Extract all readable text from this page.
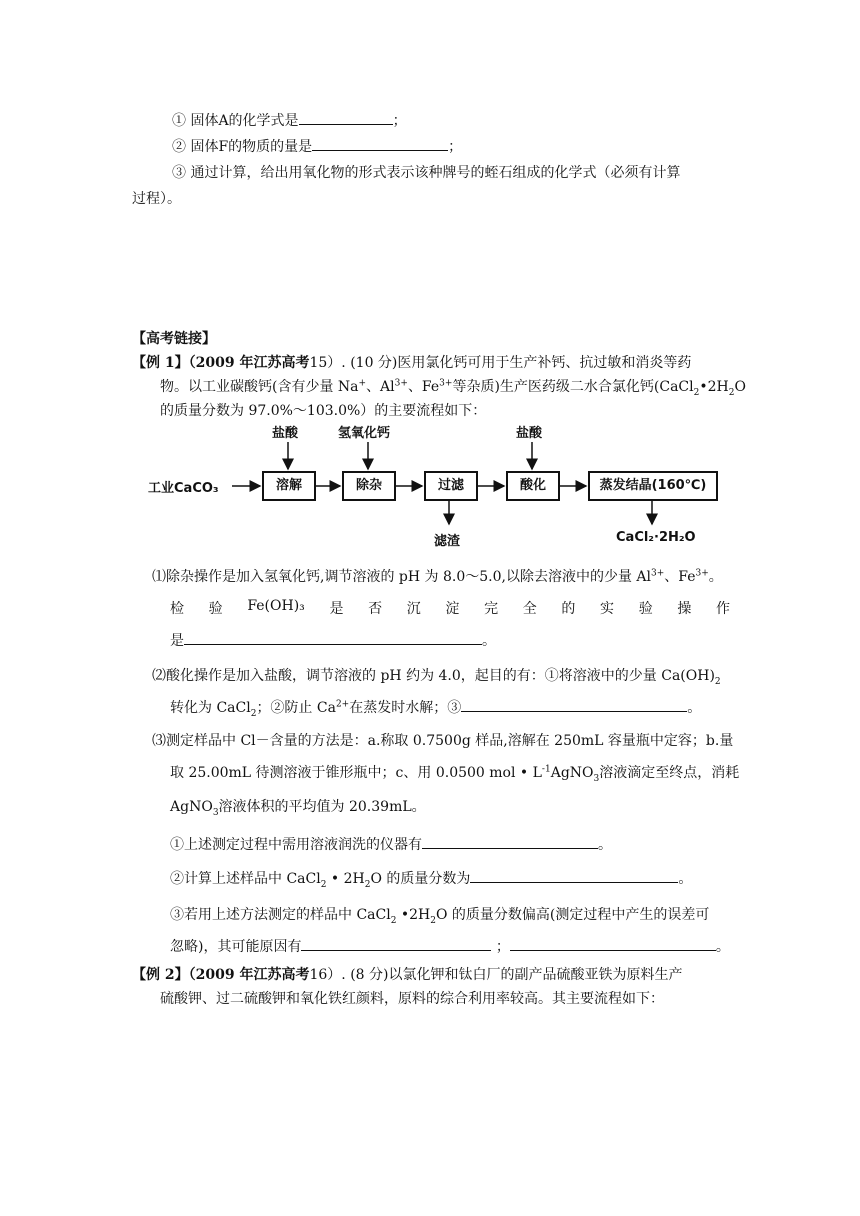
① 固体A的化学式是	；
② 固体F的物质的量是	；
③ 通过计算，给出用氧化物的形式表示该种牌号的蛭石组成的化学式（必须有计算
过程）。
【高考链接】
【例 1】（2009 年江苏高考15）. (10 分)医用氯化钙可用于生产补钙、抗过敏和消炎等药
物。以工业碳酸钙(含有少量 Na+、$Al^{3+}$、$Fe^{3+}$等杂质)生产医药级二水合氯化钙($CaCl_2•2H_2O$
的质量分数为 97.0%～103.0%）的主要流程如下：
工业CaCO₃	溶解	除杂	过滤	酸化	蒸发结晶(160℃)
盐酸	氢氧化钙	盐酸
滤渣	CaCl₂·2H₂O
⑴除杂操作是加入氢氧化钙,调节溶液的 pH 为 8.0～5.0,以除去溶液中的少量 $Al^{3+}$、$Fe^{3+}$。
检 验 Fe(OH)₃ 是 否 沉 淀 完 全 的 实 验 操 作
是	。
⑵酸化操作是加入盐酸，调节溶液的 pH 约为 4.0，起目的有：①将溶液中的少量 $Ca(OH)_2$
转化为 CaCl$_2$；②防止 $Ca^{2+}$在蒸发时水解；③	。
⑶测定样品中 Cl－含量的方法是：a.称取 0.7500g 样品,溶解在 250mL 容量瓶中定容；b.量
取 25.00mL 待测溶液于锥形瓶中；c、用 0.0500 mol • $L^{-1}AgNO_3$溶液滴定至终点，消耗
AgNO$_3$溶液体积的平均值为 20.39mL。
①上述测定过程中需用溶液润洗的仪器有	。
②计算上述样品中 CaCl$_2$ • $2H_2O$ 的质量分数为	。
③若用上述方法测定的样品中 CaCl$_2$ $•2H_2O$ 的质量分数偏高(测定过程中产生的误差可
忽略)，其可能原因有	；	。
【例 2】（2009 年江苏高考16）. (8 分)以氯化钾和钛白厂的副产品硫酸亚铁为原料生产
硫酸钾、过二硫酸钾和氧化铁红颜料，原料的综合利用率较高。其主要流程如下：
